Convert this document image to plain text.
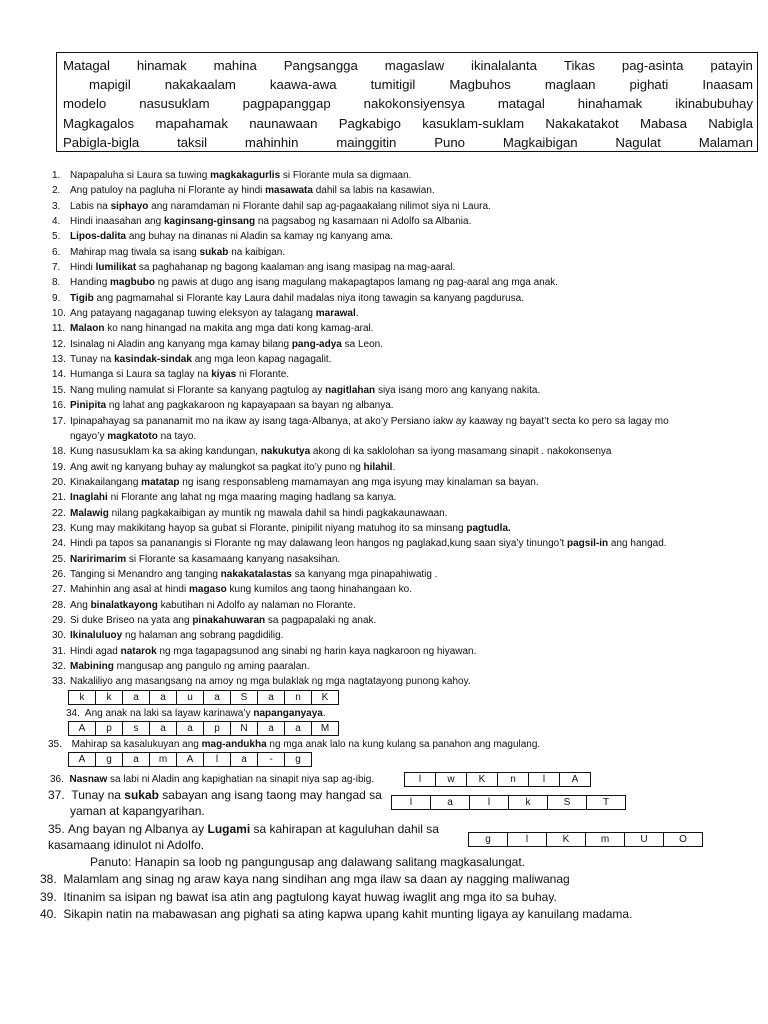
Matagal hinamak mahina Pangsangga magaslaw ikinalalanta Tikas pag-asinta patayin
mapigil	nakakaalam	kaawa-awa	tumitigil	Magbuhos	maglaan	pighati	Inaasam
modelo	nasusuklam	pagpapanggap	nakokonsiyensya	matagal	hinahamak	ikinabubuhay
Magkagalos mapahamak naunawaan Pagkabigo kasuklam-suklam Nakakatakot Mabasa Nabigla
Pabigla-bigla	taksil	mahinhin	mainggitin	Puno	Magkaibigan	Nagulat	Malaman
1. Napapaluha si Laura sa tuwing magkakagurlis si Florante mula sa digmaan.
2. Ang patuloy na pagluha ni Florante ay hindi masawata dahil sa labis na kasawian.
3. Labis na siphayo ang naramdaman ni Florante dahil sap ag-pagaakalang nilimot siya ni Laura.
4. Hindi inaasahan ang kaginsang-ginsang na pagsabog ng kasamaan ni Adolfo sa Albania.
5. Lipos-dalita ang buhay na dinanas ni Aladin sa kamay ng kanyang ama.
6. Mahirap mag tiwala sa isang sukab na kaibigan.
7. Hindi lumilikat sa paghahanap ng bagong kaalaman ang isang masipag na mag-aaral.
8. Handing magbubo ng pawis at dugo ang isang magulang makapagtapos lamang ng pag-aaral ang mga anak.
9. Tigib ang pagmamahal si Florante kay Laura dahil madalas niya itong tawagin sa kanyang pagdurusa.
10. Ang patayang nagaganap tuwing eleksyon ay talagang marawal.
11. Malaon ko nang hinangad na makita ang mga dati kong kamag-aral.
12. Isinalag ni Aladin ang kanyang mga kamay bilang pang-adya sa Leon.
13. Tunay na kasindak-sindak ang mga leon kapag nagagalit.
14. Humanga si Laura sa taglay na kiyas ni Florante.
15. Nang muling namulat si Florante sa kanyang pagtulog ay nagitlahan siya isang moro ang kanyang nakita.
16. Pinipita ng lahat ang pagkakaroon ng kapayapaan sa bayan ng albanya.
17. Ipinapahayag sa pananamit mo na ikaw ay isang taga-Albanya, at ako’y Persiano iakw ay kaaway ng bayat’t secta ko pero sa lagay mo ngayo’y magkatoto na tayo.
18. Kung nasusuklam ka sa aking kandungan, nakukutya akong di ka saklolohan sa iyong masamang sinapit . nakokonsenya
19. Ang awit ng kanyang buhay ay malungkot sa pagkat ito’y puno ng hilahil.
20. Kinakailangang matatap ng isang responsableng mamamayan ang mga isyung may kinalaman sa bayan.
21. Inaglahi ni Florante ang lahat ng mga maaring maging hadlang sa kanya.
22. Malawig nilang pagkakaibigan ay muntik ng mawala dahil sa hindi pagkakaunawaan.
23. Kung may makikitang hayop sa gubat si Florante, pinipilit niyang matuhog ito sa minsang pagtudla.
24. Hindi pa tapos sa pananangis si Florante ng may dalawang leon hangos ng paglakad,kung saan siya’y tinungo’t pagsil-in ang hangad.
25. Naririmarim si Florante sa kasamaang kanyang nasaksihan.
26. Tanging si Menandro ang tanging nakakatalastas sa kanyang mga pinapahiwatig .
27. Mahinhin ang asal at hindi magaso kung kumilos ang taong hinahangaan ko.
28. Ang binalatkayong kabutihan ni Adolfo ay nalaman no Florante.
29. Si duke Briseo na yata ang pinakahuwaran sa pagpapalaki ng anak.
30. Ikinaluluoy ng halaman ang sobrang pagdidilig.
31. Hindi agad natarok ng mga tagapagsunod ang sinabi ng harin kaya nagkaroon ng hiyawan.
32. Mabining mangusap ang pangulo ng aming paaralan.
33. Nakaliliyo ang masangsang na amoy ng mga bulaklak ng mga nagtatayong punong kahoy.
k	k	a	a	u	a	S	a	n	K
34. Ang anak na laki sa layaw karinawa’y napanganyaya.
A	p	s	a	a	p	N	a	a	M
35. Mahirap sa kasalukuyan ang mag-andukha ng mga anak lalo na kung kulang sa panahon ang magulang.
A	g	a	m	A	l	a	-	g
36. Nasnaw sa labi ni Aladin ang kapighatian na sinapit niya sap ag-ibig.	l	w	K	n	l	A
37. Tunay na sukab sabayan ang isang taong may hangad sa
yaman at kapangyarihan.
l	a	l	k	S	T
35. Ang bayan ng Albanya ay Lugami sa kahirapan at kaguluhan dahil sa
kasamaang idinulot ni Adolfo.	g	l	K	m	U	O
Panuto: Hanapin sa loob ng pangungusap ang dalawang salitang magkasalungat.
38. Malamlam ang sinag ng araw kaya nang sindihan ang mga ilaw sa daan ay nagging maliwanag
39. Itinanim sa isipan ng bawat isa atin ang pagtulong kayat huwag iwaglit ang mga ito sa buhay.
40. Sikapin natin na mabawasan ang pighati sa ating kapwa upang kahit munting ligaya ay kanuilang madama.
